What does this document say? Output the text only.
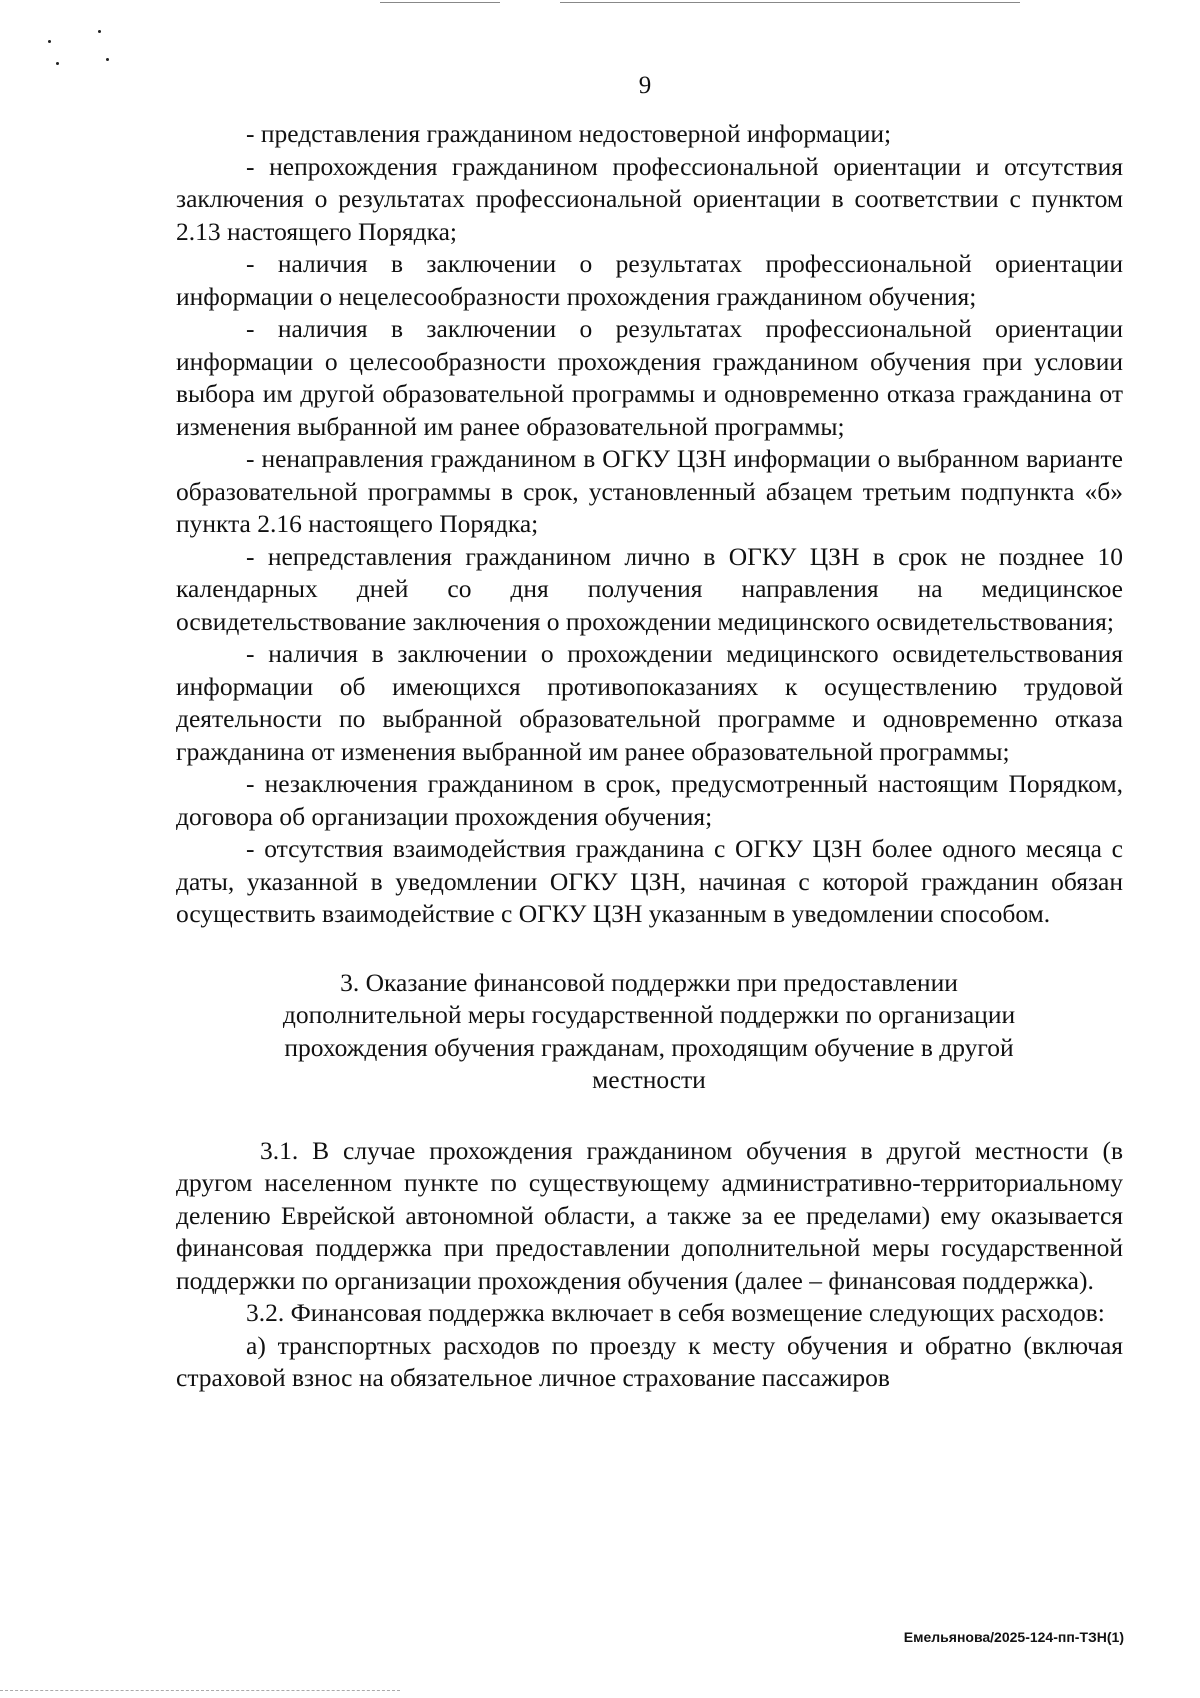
9

- представления гражданином недостоверной информации;

- непрохождения гражданином профессиональной ориентации и отсутствия заключения о результатах профессиональной ориентации в соответствии с пунктом 2.13 настоящего Порядка;

- наличия в заключении о результатах профессиональной ориентации информации о нецелесообразности прохождения гражданином обучения;

- наличия в заключении о результатах профессиональной ориентации информации о целесообразности прохождения гражданином обучения при условии выбора им другой образовательной программы и одновременно отказа гражданина от изменения выбранной им ранее образовательной программы;

- ненаправления гражданином в ОГКУ ЦЗН информации о выбранном варианте образовательной программы в срок, установленный абзацем третьим подпункта «б» пункта 2.16 настоящего Порядка;

- непредставления гражданином лично в ОГКУ ЦЗН в срок не позднее 10 календарных дней со дня получения направления на медицинское освидетельствование заключения о прохождении медицинского освидетельствования;

- наличия в заключении о прохождении медицинского освидетельствования информации об имеющихся противопоказаниях к осуществлению трудовой деятельности по выбранной образовательной программе и одновременно отказа гражданина от изменения выбранной им ранее образовательной программы;

- незаключения гражданином в срок, предусмотренный настоящим Порядком, договора об организации прохождения обучения;

- отсутствия взаимодействия гражданина с ОГКУ ЦЗН более одного месяца с даты, указанной в уведомлении ОГКУ ЦЗН, начиная с которой гражданин обязан осуществить взаимодействие с ОГКУ ЦЗН указанным в уведомлении способом.

3. Оказание финансовой поддержки при предоставлении
дополнительной меры государственной поддержки по организации
прохождения обучения гражданам, проходящим обучение в другой
местности

3.1. В случае прохождения гражданином обучения в другой местности (в другом населенном пункте по существующему административно-территориальному делению Еврейской автономной области, а также за ее пределами) ему оказывается финансовая поддержка при предоставлении дополнительной меры государственной поддержки по организации прохождения обучения (далее – финансовая поддержка).

3.2. Финансовая поддержка включает в себя возмещение следующих расходов:

а) транспортных расходов по проезду к месту обучения и обратно (включая страховой взнос на обязательное личное страхование пассажиров

Емельянова/2025-124-пп-ТЗН(1)
